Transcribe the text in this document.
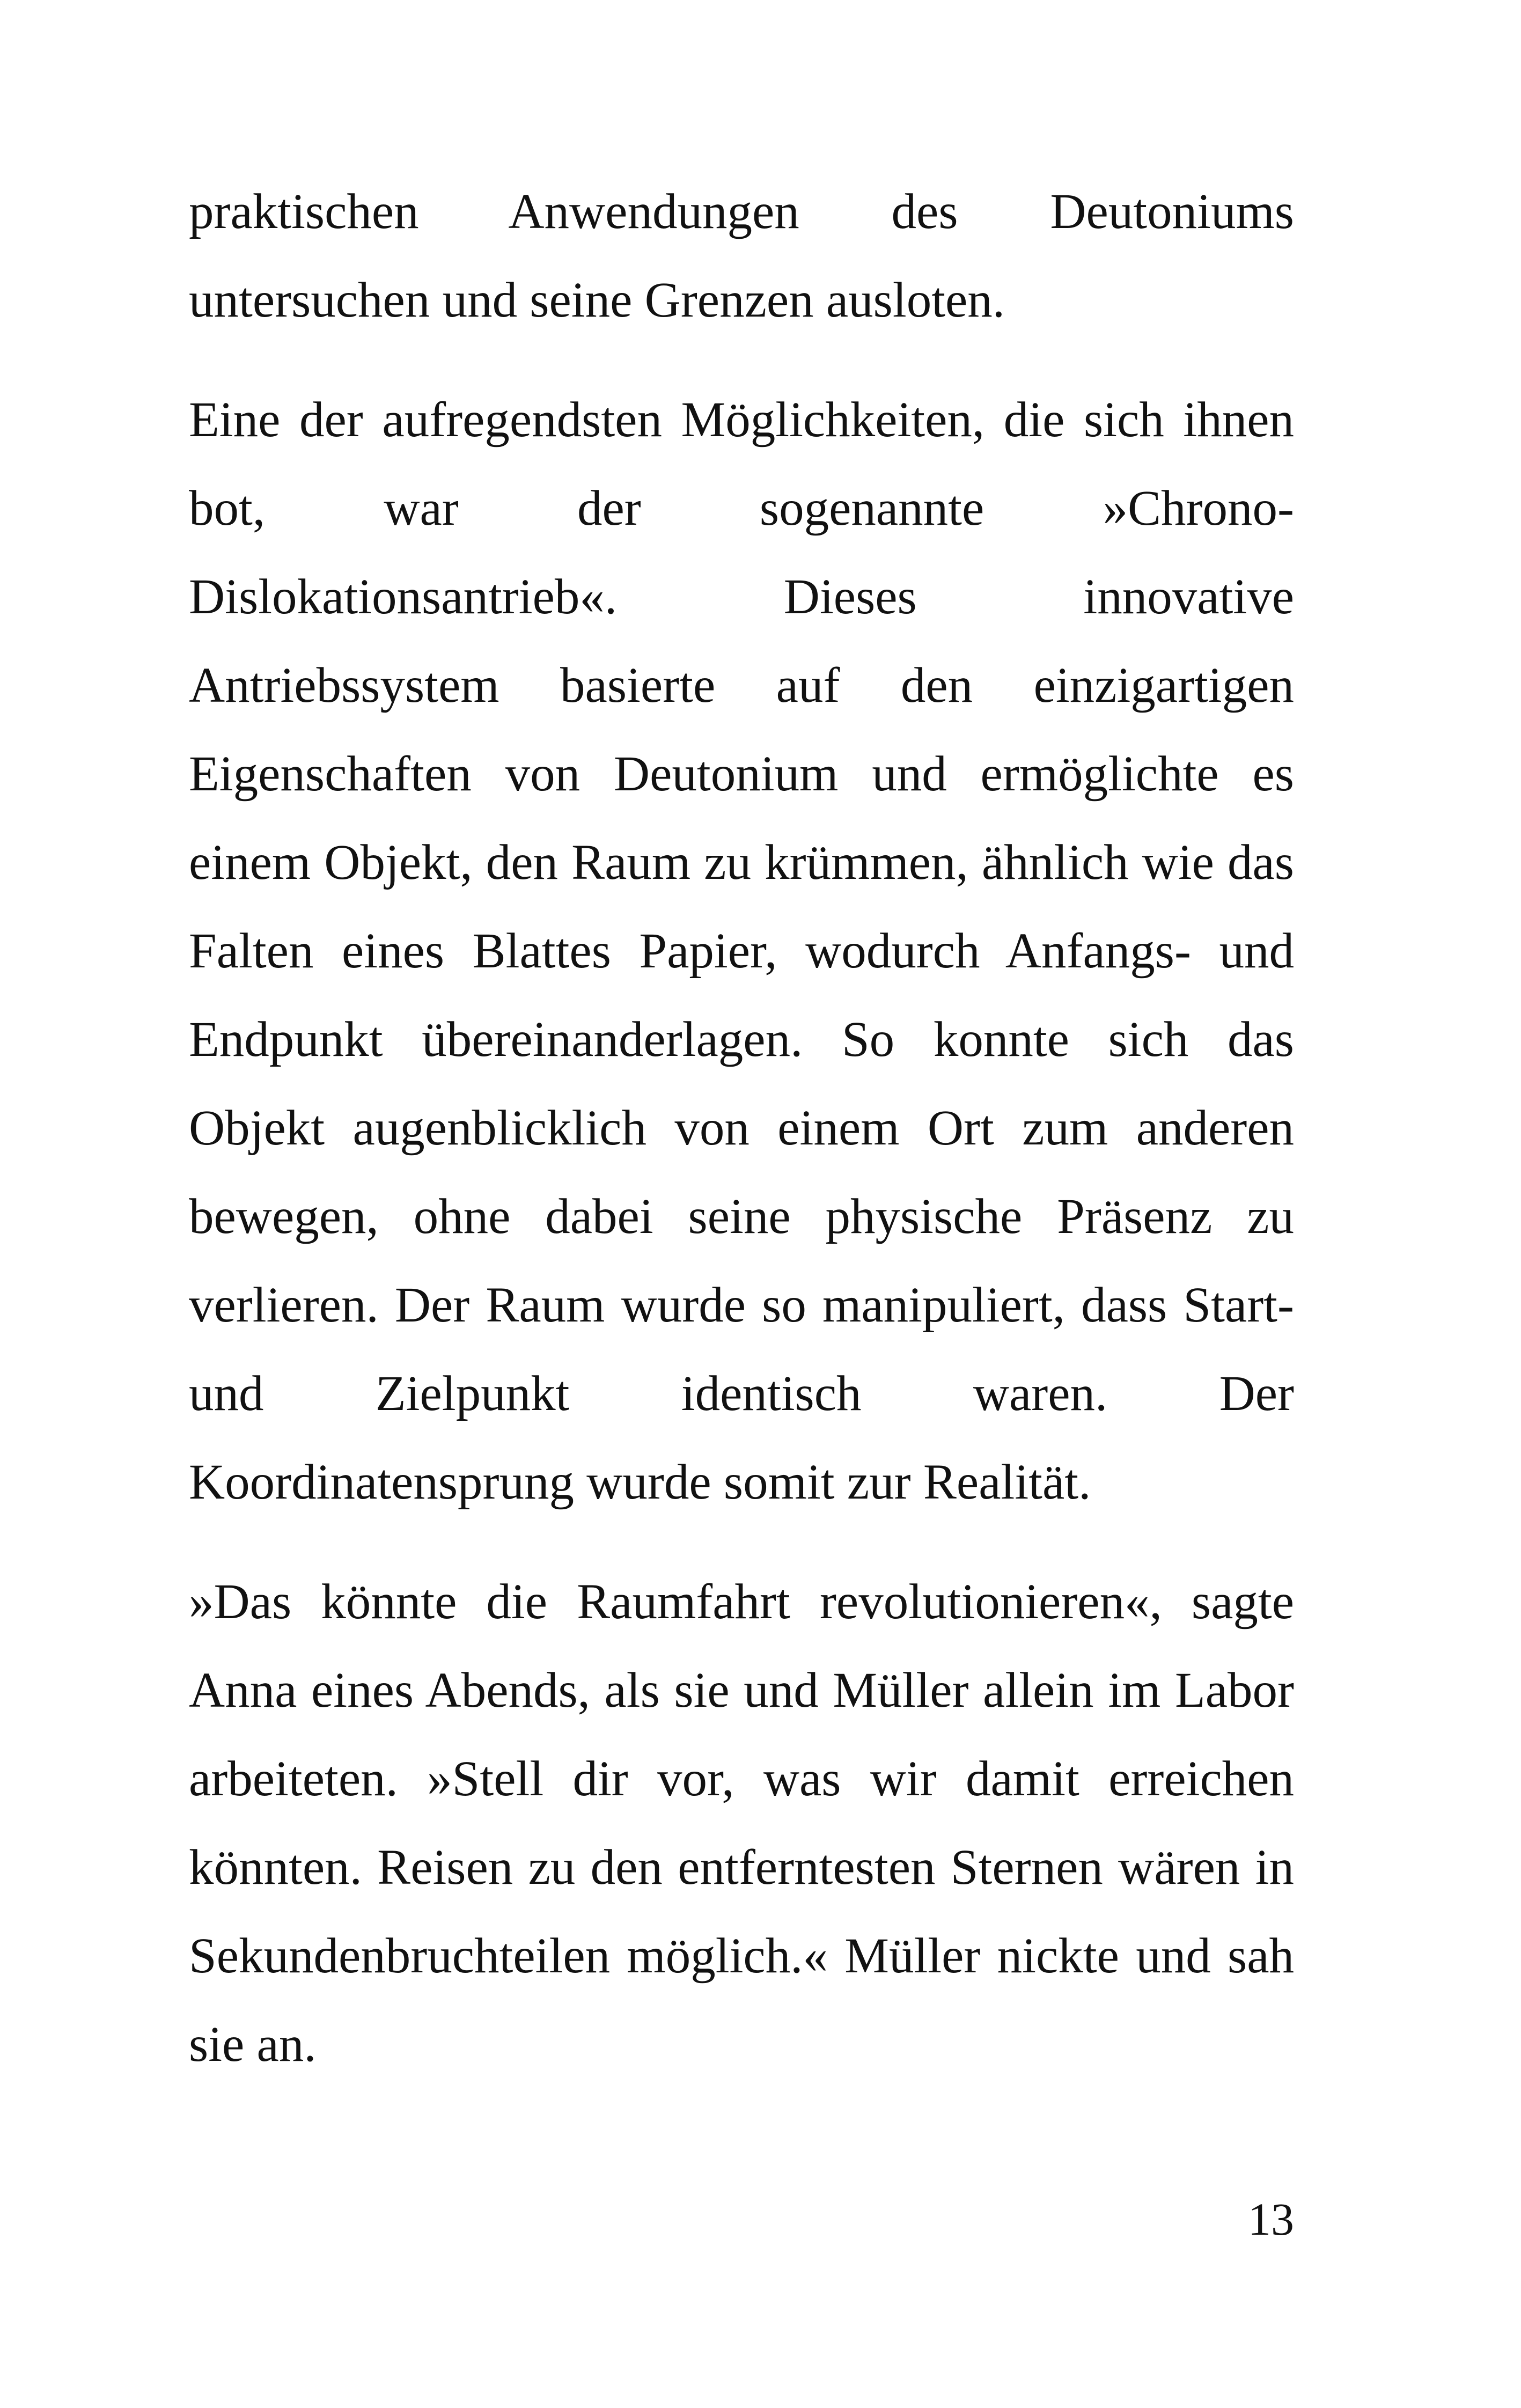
praktischen Anwendungen des Deutoniums untersuchen und seine Grenzen ausloten.

Eine der aufregendsten Möglichkeiten, die sich ihnen bot, war der sogenannte »Chrono-Dislokationsantrieb«. Dieses innovative Antriebssystem basierte auf den einzigartigen Eigenschaften von Deutonium und ermöglichte es einem Objekt, den Raum zu krümmen, ähnlich wie das Falten eines Blattes Papier, wodurch Anfangs- und Endpunkt übereinanderlagen. So konnte sich das Objekt augenblicklich von einem Ort zum anderen bewegen, ohne dabei seine physische Präsenz zu verlieren. Der Raum wurde so manipuliert, dass Start- und Zielpunkt identisch waren. Der Koordinatensprung wurde somit zur Realität.

»Das könnte die Raumfahrt revolutionieren«, sagte Anna eines Abends, als sie und Müller allein im Labor arbeiteten. »Stell dir vor, was wir damit erreichen könnten. Reisen zu den entferntesten Sternen wären in Sekundenbruchteilen möglich.« Müller nickte und sah sie an.

13
